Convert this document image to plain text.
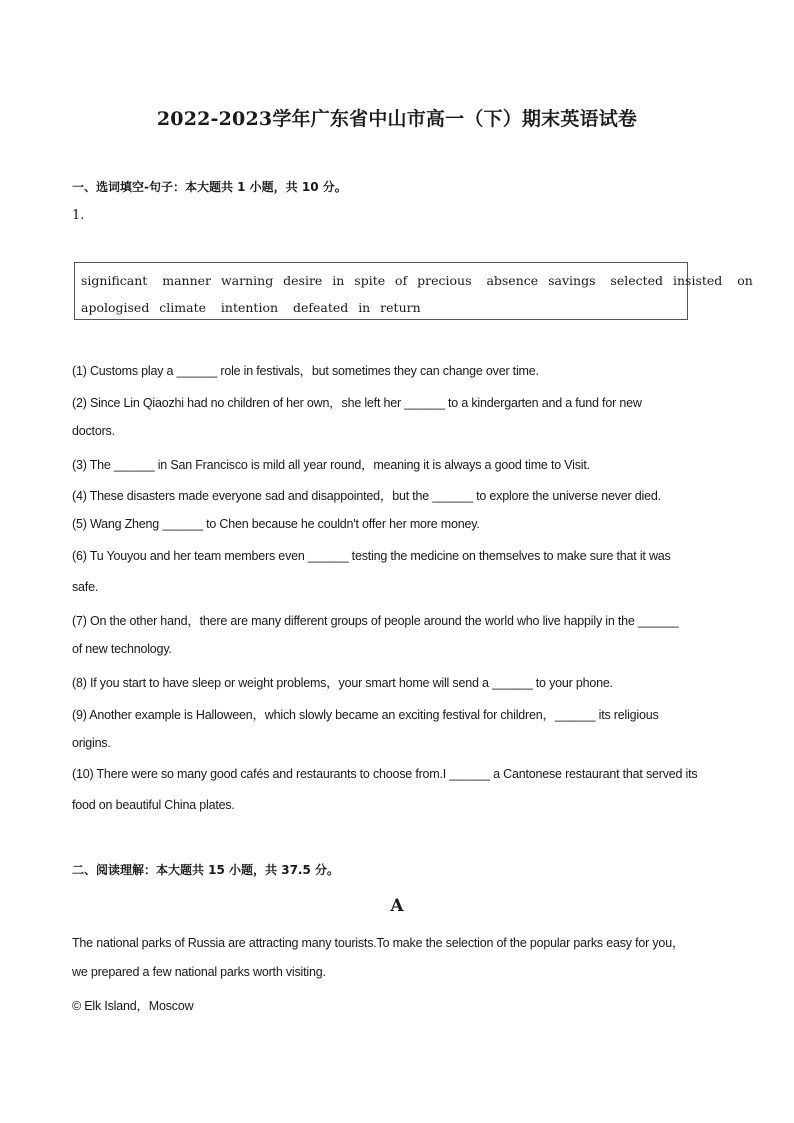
2022-2023学年广东省中山市高一（下）期末英语试卷
一、选词填空-句子：本大题共 1 小题，共 10 分。
1.
significant   manner  warning  desire  in  spite  of  precious   absence  savings   selected  insisted   on
apologised  climate   intention   defeated  in  return
(1) Customs play a ______ role in festivals，but sometimes they can change over time.
(2) Since Lin Qiaozhi had no children of her own，she left her ______ to a kindergarten and a fund for new
doctors.
(3) The ______ in San Francisco is mild all year round，meaning it is always a good time to Visit.
(4) These disasters made everyone sad and disappointed，but the ______ to explore the universe never died.
(5) Wang Zheng ______ to Chen because he couldn't offer her more money.
(6) Tu Youyou and her team members even ______ testing the medicine on themselves to make sure that it was
safe.
(7) On the other hand，there are many different groups of people around the world who live happily in the ______
of new technology.
(8) If you start to have sleep or weight problems，your smart home will send a ______ to your phone.
(9) Another example is Halloween，which slowly became an exciting festival for children，______ its religious
origins.
(10) There were so many good cafés and restaurants to choose from.I ______ a Cantonese restaurant that served its
food on beautiful China plates.
二、阅读理解：本大题共 15 小题，共 37.5 分。
A
The national parks of Russia are attracting many tourists.To make the selection of the popular parks easy for you，
we prepared a few national parks worth visiting.
© Elk Island，Moscow
